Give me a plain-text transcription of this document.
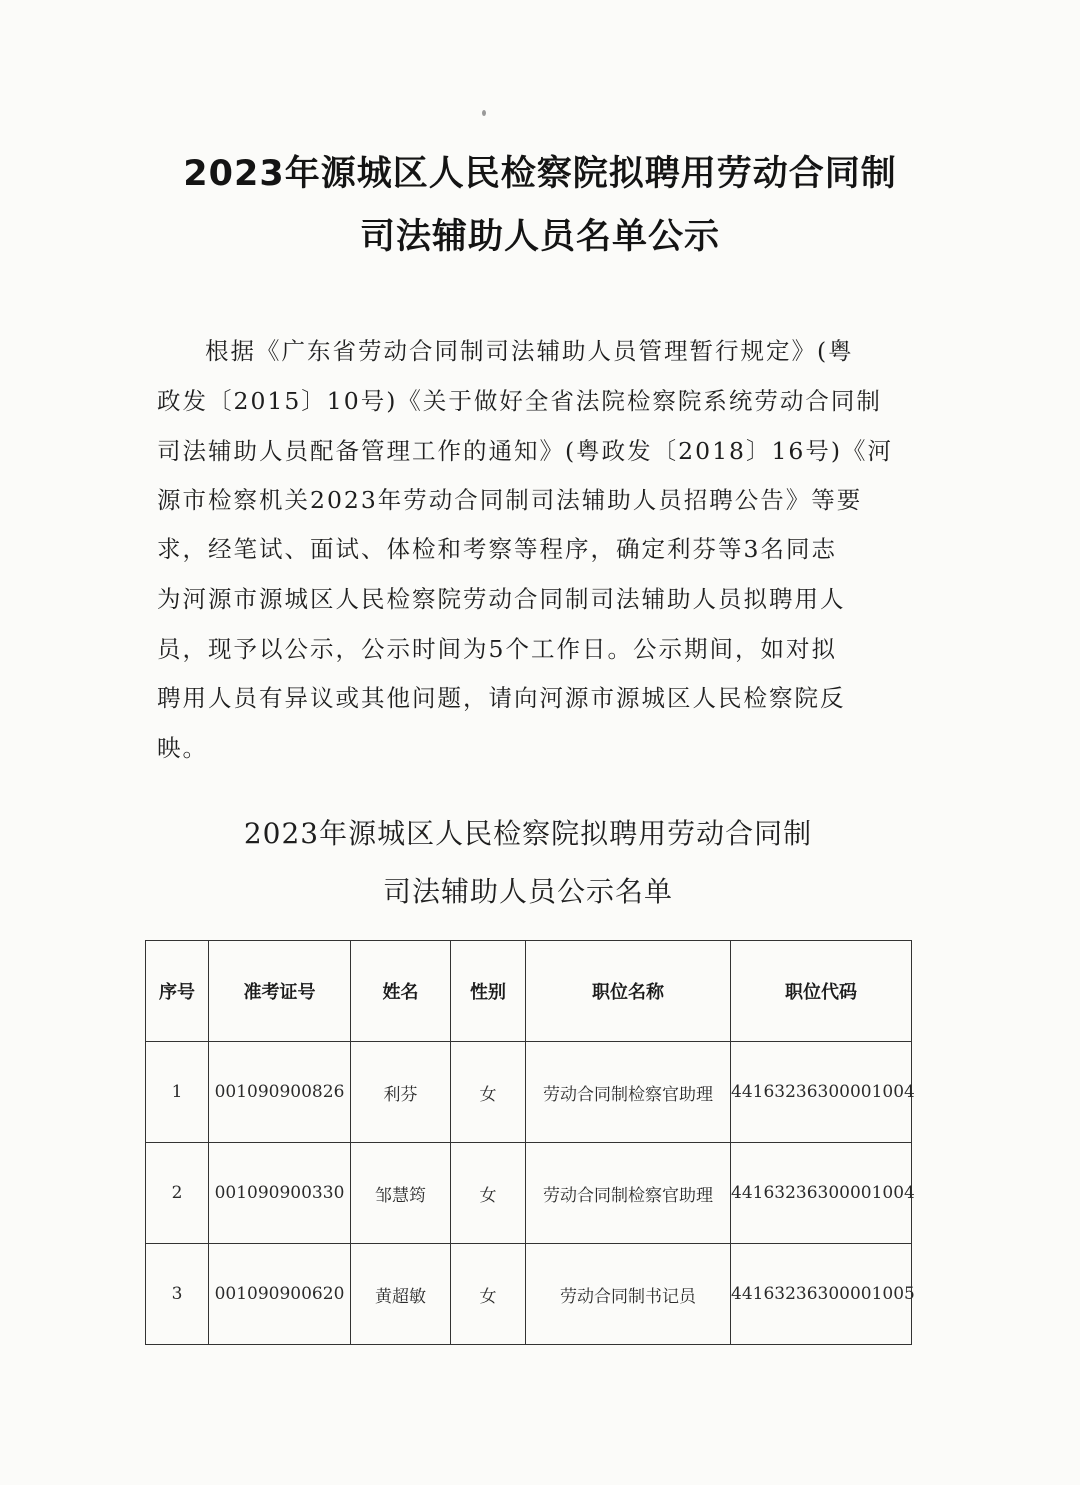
2023年源城区人民检察院拟聘用劳动合同制
司法辅助人员名单公示
根据《广东省劳动合同制司法辅助人员管理暂行规定》(粤
政发〔2015〕10号)《关于做好全省法院检察院系统劳动合同制
司法辅助人员配备管理工作的通知》(粤政发〔2018〕16号)《河
源市检察机关2023年劳动合同制司法辅助人员招聘公告》等要
求，经笔试、面试、体检和考察等程序，确定利芬等3名同志
为河源市源城区人民检察院劳动合同制司法辅助人员拟聘用人
员，现予以公示，公示时间为5个工作日。公示期间，如对拟
聘用人员有异议或其他问题，请向河源市源城区人民检察院反
映。
2023年源城区人民检察院拟聘用劳动合同制
司法辅助人员公示名单
序号	准考证号	姓名	性别	职位名称	职位代码
1	001090900826	利芬	女	劳动合同制检察官助理	44163236300001004
2	001090900330	邹慧筠	女	劳动合同制检察官助理	44163236300001004
3	001090900620	黄超敏	女	劳动合同制书记员	44163236300001005
